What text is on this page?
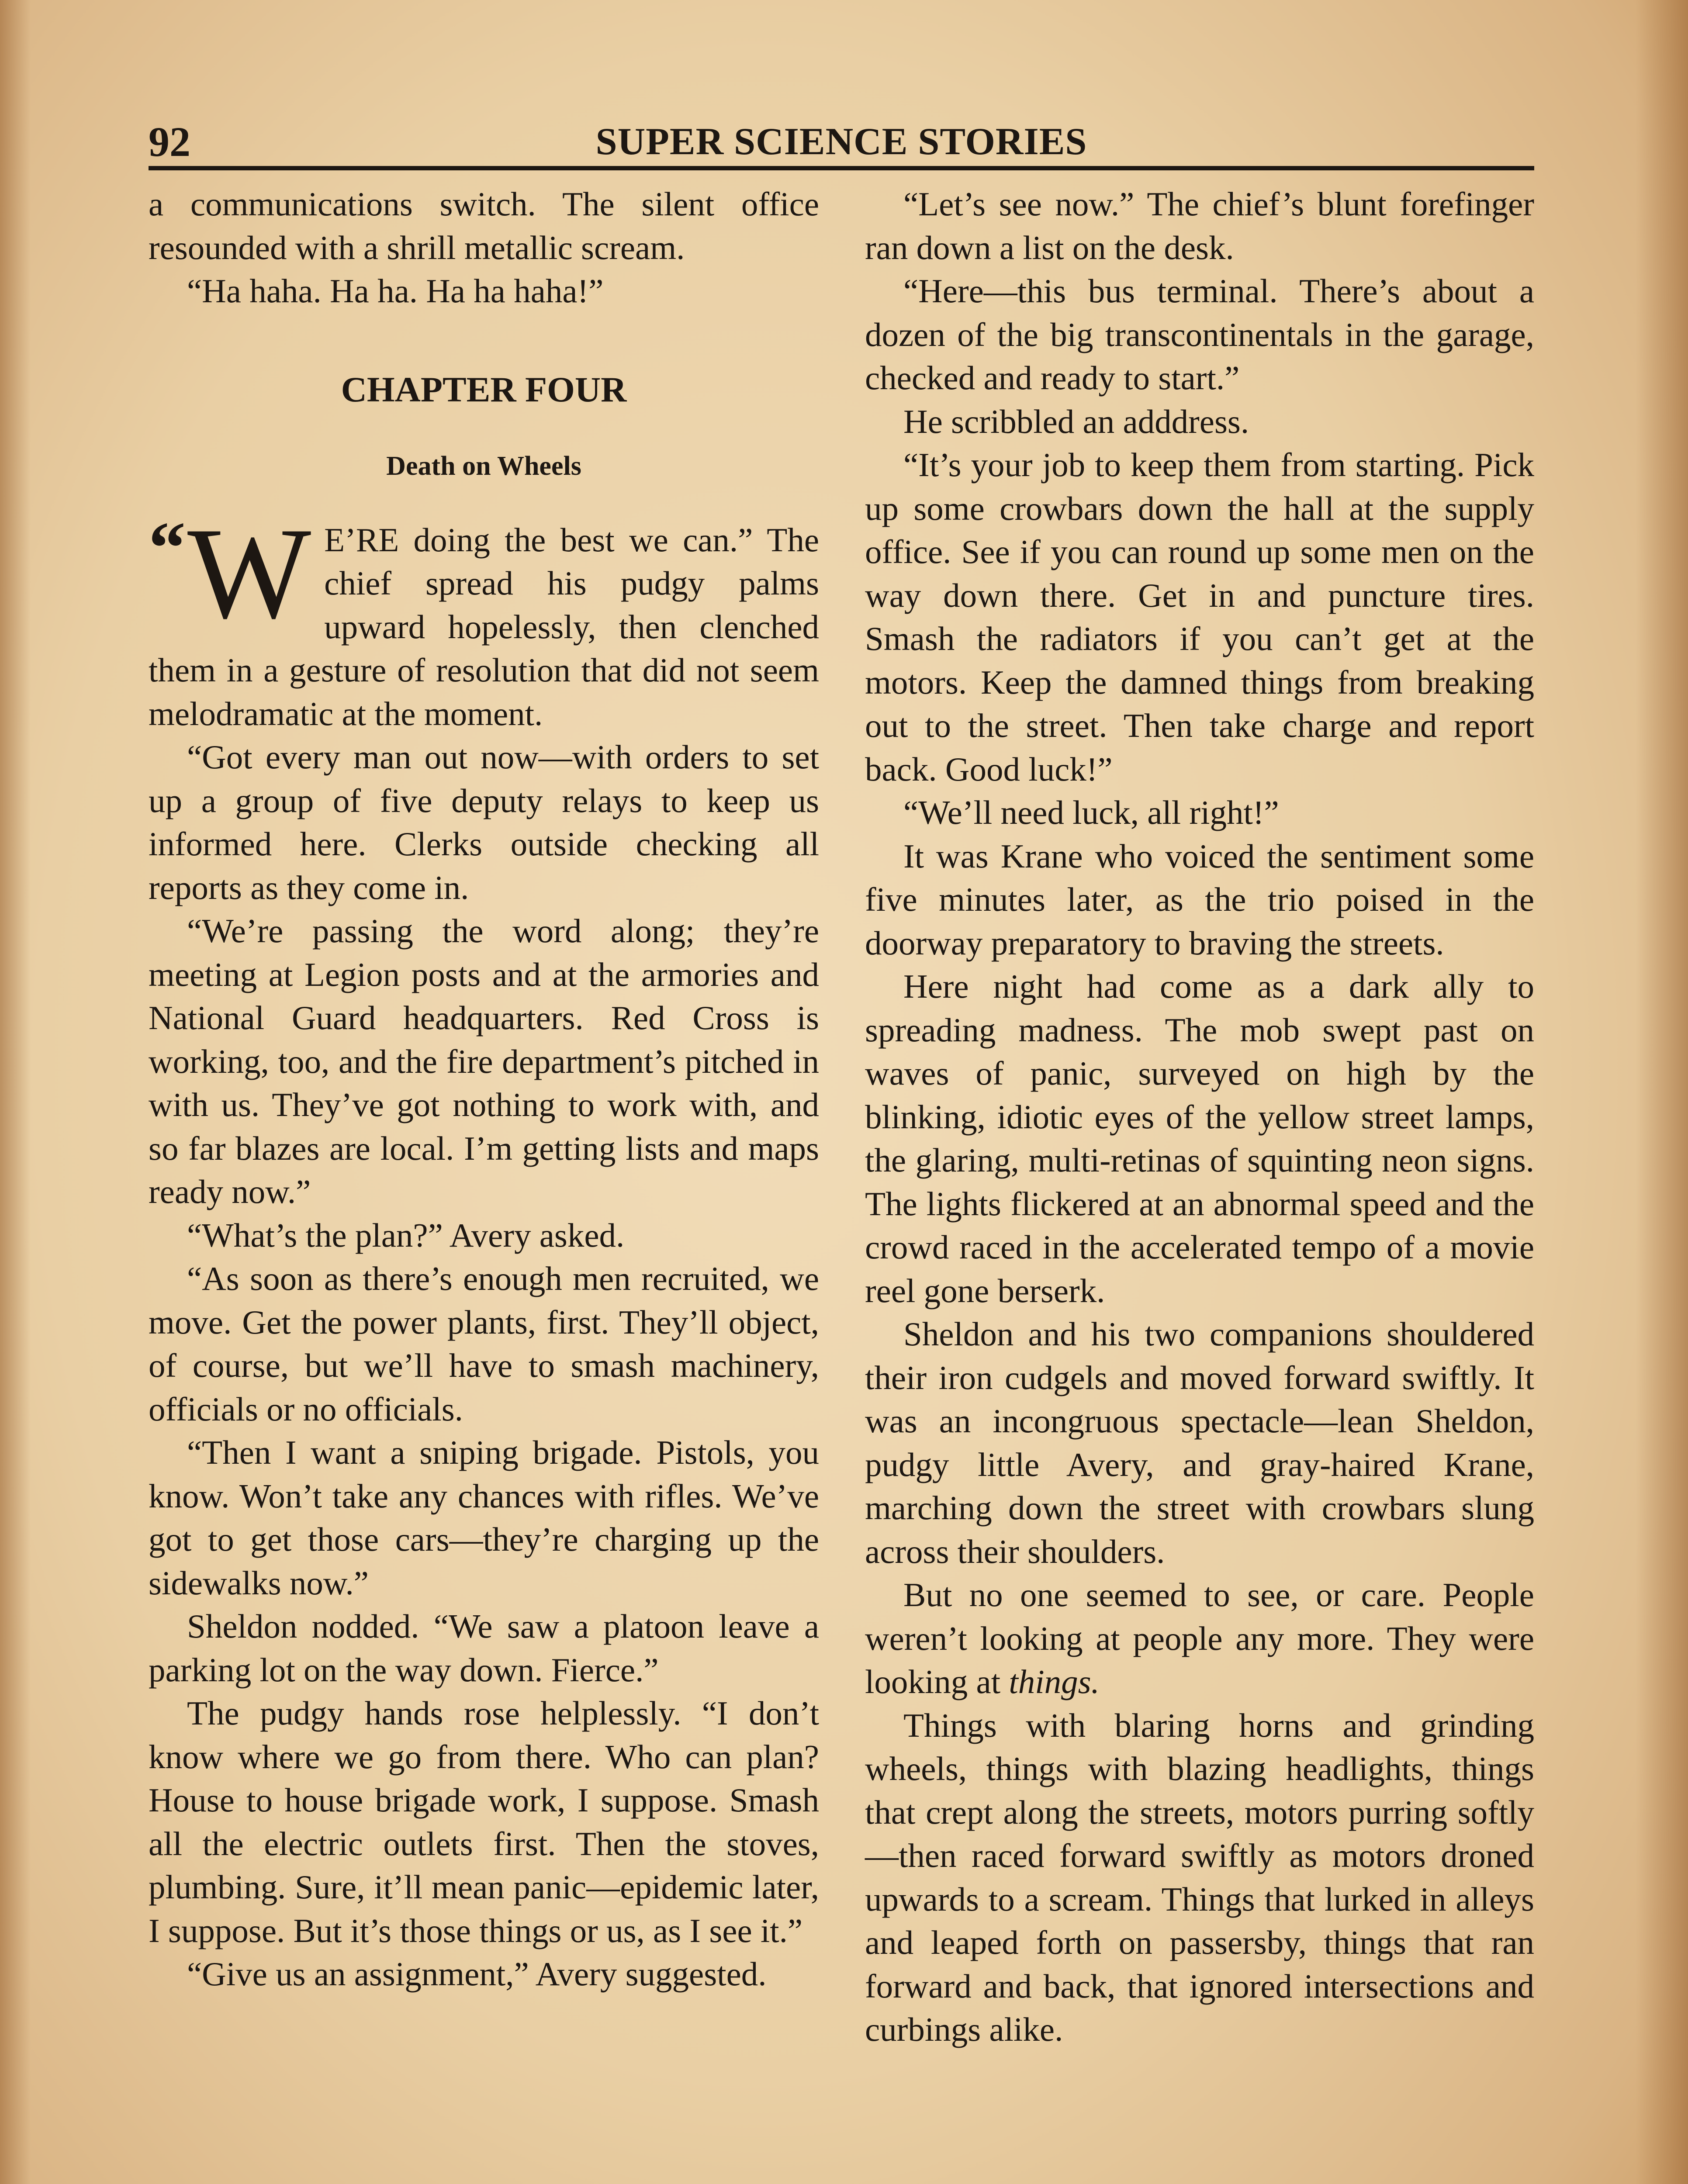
92	SUPER SCIENCE STORIES

a communications switch. The silent office resounded with a shrill metallic scream.

“Ha haha. Ha ha. Ha ha haha!”

CHAPTER FOUR
Death on Wheels

“ W E’RE doing the best we can.” The chief spread his pudgy palms upward hopelessly, then clenched them in a gesture of resolution that did not seem melodramatic at the moment.

“Got every man out now—with orders to set up a group of five deputy relays to keep us informed here. Clerks outside checking all reports as they come in.

“We’re passing the word along; they’re meeting at Legion posts and at the armories and National Guard headquarters. Red Cross is working, too, and the fire department’s pitched in with us. They’ve got nothing to work with, and so far blazes are local. I’m getting lists and maps ready now.”

“What’s the plan?” Avery asked.

“As soon as there’s enough men recruited, we move. Get the power plants, first. They’ll object, of course, but we’ll have to smash machinery, officials or no officials.

“Then I want a sniping brigade. Pistols, you know. Won’t take any chances with rifles. We’ve got to get those cars—they’re charging up the sidewalks now.”

Sheldon nodded. “We saw a platoon leave a parking lot on the way down. Fierce.”

The pudgy hands rose helplessly. “I don’t know where we go from there. Who can plan? House to house brigade work, I suppose. Smash all the electric outlets first. Then the stoves, plumbing. Sure, it’ll mean panic—epidemic later, I suppose. But it’s those things or us, as I see it.”

“Give us an assignment,” Avery suggested.

“Let’s see now.” The chief’s blunt forefinger ran down a list on the desk.

“Here—this bus terminal. There’s about a dozen of the big transcontinentals in the garage, checked and ready to start.”

He scribbled an adddress.

“It’s your job to keep them from starting. Pick up some crowbars down the hall at the supply office. See if you can round up some men on the way down there. Get in and puncture tires. Smash the radiators if you can’t get at the motors. Keep the damned things from breaking out to the street. Then take charge and report back. Good luck!”

“We’ll need luck, all right!”

It was Krane who voiced the sentiment some five minutes later, as the trio poised in the doorway preparatory to braving the streets.

Here night had come as a dark ally to spreading madness. The mob swept past on waves of panic, surveyed on high by the blinking, idiotic eyes of the yellow street lamps, the glaring, multi-retinas of squinting neon signs. The lights flickered at an abnormal speed and the crowd raced in the accelerated tempo of a movie reel gone berserk.

Sheldon and his two companions shouldered their iron cudgels and moved forward swiftly. It was an incongruous spectacle—lean Sheldon, pudgy little Avery, and gray-haired Krane, marching down the street with crowbars slung across their shoulders.

But no one seemed to see, or care. People weren’t looking at people any more. They were looking at things.

Things with blaring horns and grinding wheels, things with blazing headlights, things that crept along the streets, motors purring softly—then raced forward swiftly as motors droned upwards to a scream. Things that lurked in alleys and leaped forth on passersby, things that ran forward and back, that ignored intersections and curbings alike.
